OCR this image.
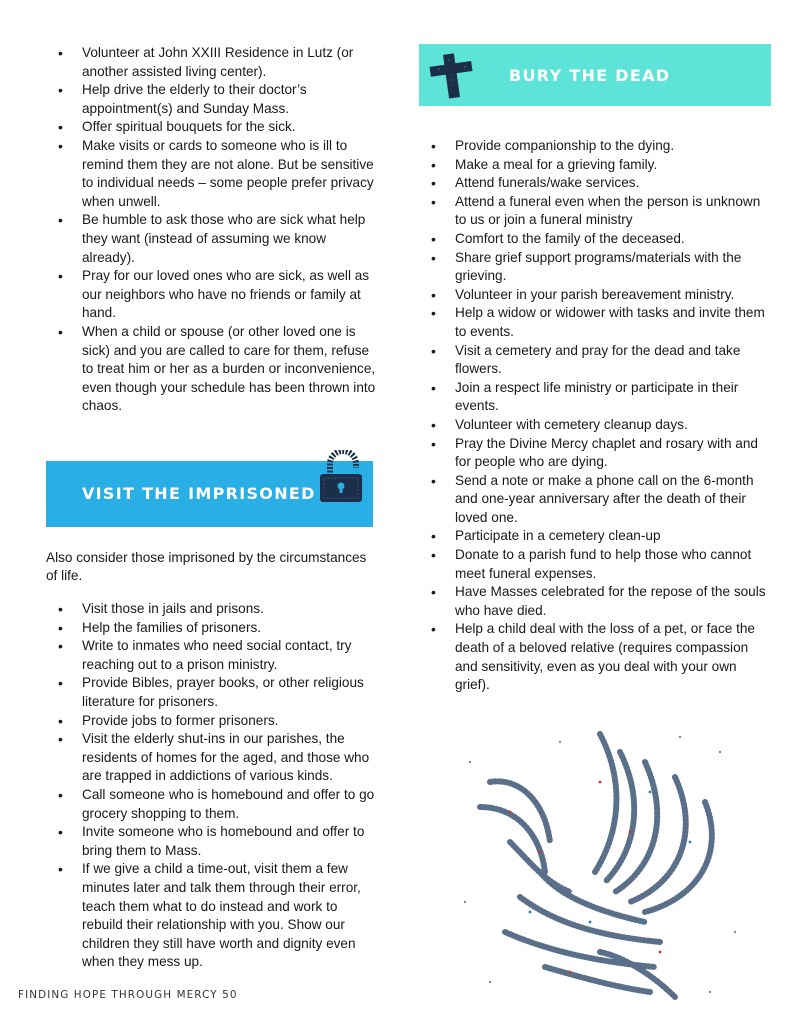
• Volunteer at John XXIII Residence in Lutz (or another assisted living center).
• Help drive the elderly to their doctor’s appointment(s) and Sunday Mass.
• Offer spiritual bouquets for the sick.
• Make visits or cards to someone who is ill to remind them they are not alone. But be sensitive to individual needs – some people prefer privacy when unwell.
• Be humble to ask those who are sick what help they want (instead of assuming we know already).
• Pray for our loved ones who are sick, as well as our neighbors who have no friends or family at hand.
• When a child or spouse (or other loved one is sick) and you are called to care for them, refuse to treat him or her as a burden or inconvenience, even though your schedule has been thrown into chaos.
VISIT THE IMPRISONED
Also consider those imprisoned by the circumstances of life.
• Visit those in jails and prisons.
• Help the families of prisoners.
• Write to inmates who need social contact, try reaching out to a prison ministry.
• Provide Bibles, prayer books, or other religious literature for prisoners.
• Provide jobs to former prisoners.
• Visit the elderly shut-ins in our parishes, the residents of homes for the aged, and those who are trapped in addictions of various kinds.
• Call someone who is homebound and offer to go grocery shopping to them.
• Invite someone who is homebound and offer to bring them to Mass.
• If we give a child a time-out, visit them a few minutes later and talk them through their error, teach them what to do instead and work to rebuild their relationship with you. Show our children they still have worth and dignity even when they mess up.
BURY THE DEAD
• Provide companionship to the dying.
• Make a meal for a grieving family.
• Attend funerals/wake services.
• Attend a funeral even when the person is unknown to us or join a funeral ministry
• Comfort to the family of the deceased.
• Share grief support programs/materials with the grieving.
• Volunteer in your parish bereavement ministry.
• Help a widow or widower with tasks and invite them to events.
• Visit a cemetery and pray for the dead and take flowers.
• Join a respect life ministry or participate in their events.
• Volunteer with cemetery cleanup days.
• Pray the Divine Mercy chaplet and rosary with and for people who are dying.
• Send a note or make a phone call on the 6-month and one-year anniversary after the death of their loved one.
• Participate in a cemetery clean-up
• Donate to a parish fund to help those who cannot meet funeral expenses.
• Have Masses celebrated for the repose of the souls who have died.
• Help a child deal with the loss of a pet, or face the death of a beloved relative (requires compassion and sensitivity, even as you deal with your own grief).
FINDING HOPE THROUGH MERCY 50
